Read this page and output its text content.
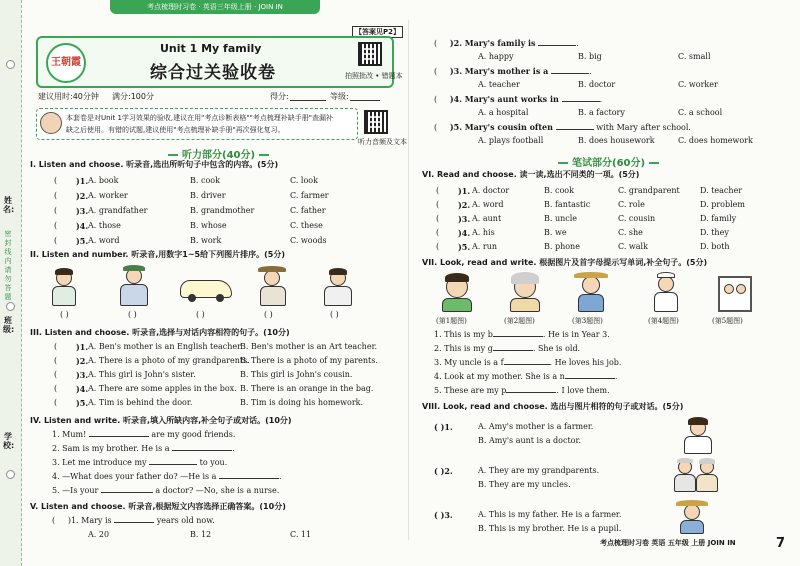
姓名:
密封线内请勿答题
班级:
学校:
考点梳理时习卷 · 英语三年级上册 · JOIN IN
【答案见P2】
王朝霞
Unit 1 My family
综合过关验收卷	拍照批改 • 错题本
建议用时:40分钟 满分:100分	得分:	等级:
本套卷是对Unit 1学习效果的验收,建议在用"考点诊断表格""考点梳理补缺手册"查漏补
缺之后使用。有错的试题,建议使用"考点梳理补缺手册"再次强化复习。
听力音频及文本
听力部分(40分)
I. Listen and choose. 听录音,选出所听句子中包含的内容。(5分)
( )1. A. book	B. cook	C. look
( )2. A. worker	B. driver	C. farmer
( )3. A. grandfather	B. grandmother	C. father
( )4. A. those	B. whose	C. these
( )5. A. word	B. work	C. woods
II. Listen and number. 听录音,用数字1~5给下列图片排序。(5分)
( )	( )	( )	( )	( )
III. Listen and choose. 听录音,选择与对话内容相符的句子。(10分)
( )1. A. Ben's mother is an English teacher.
B. Ben's mother is an Art teacher.
( )2. A. There is a photo of my grandparents.
B. There is a photo of my parents.
( )3. A. This girl is John's sister.	B. This girl is John's cousin.
( )4. A. There are some apples in the box. B. There is an orange in the bag.
( )5. A. Tim is behind the door.	B. Tim is doing his homework.
IV. Listen and write. 听录音,填入所缺内容,补全句子或对话。(10分)
1. Mum!	are my good friends.
2. Sam is my brother. He is a	.
3. Let me introduce my	to you.
4. —What does your father do? —He is a	.
5. —Is your	a doctor? —No, she is a nurse.
V. Listen and choose. 听录音,根据短文内容选择正确答案。(10分)
(     )1. Mary is	years old now.
A. 20	B. 12	C. 11
(     )2. Mary's family is	.
A. happy	B. big	C. small
(     )3. Mary's mother is a	.
A. teacher	B. doctor	C. worker
(     )4. Mary's aunt works in	.
A. a hospital	B. a factory	C. a school
(     )5. Mary's cousin often	with Mary after school.
A. plays football	B. does housework	C. does homework
笔试部分(60分)
VI. Read and choose. 读一读,选出不同类的一项。(5分)
( )1. A. doctor	B. cook	C. grandparent	D. teacher
( )2. A. word	B. fantastic	C. role	D. problem
( )3. A. aunt	B. uncle	C. cousin	D. family
( )4. A. his	B. we	C. she	D. they
( )5. A. run	B. phone	C. walk	D. both
VII. Look, read and write. 根据图片及首字母提示写单词,补全句子。(5分)
(第1题图)	(第2题图)	(第3题图)	(第4题图)	(第5题图)
1. This is my b	. He is in Year 3.
2. This is my g	. She is old.
3. My uncle is a f	. He loves his job.
4. Look at my mother. She is a n	.
5. These are my p	. I love them.
VIII. Look, read and choose. 选出与图片相符的句子或对话。(5分)
( )1.	A. Amy's mother is a farmer.
B. Amy's aunt is a doctor.
( )2.	A. They are my grandparents.
B. They are my uncles.
( )3.	A. This is my father. He is a farmer.
B. This is my brother. He is a pupil.
考点梳理时习卷 英语 五年级 上册 JOIN IN	7
